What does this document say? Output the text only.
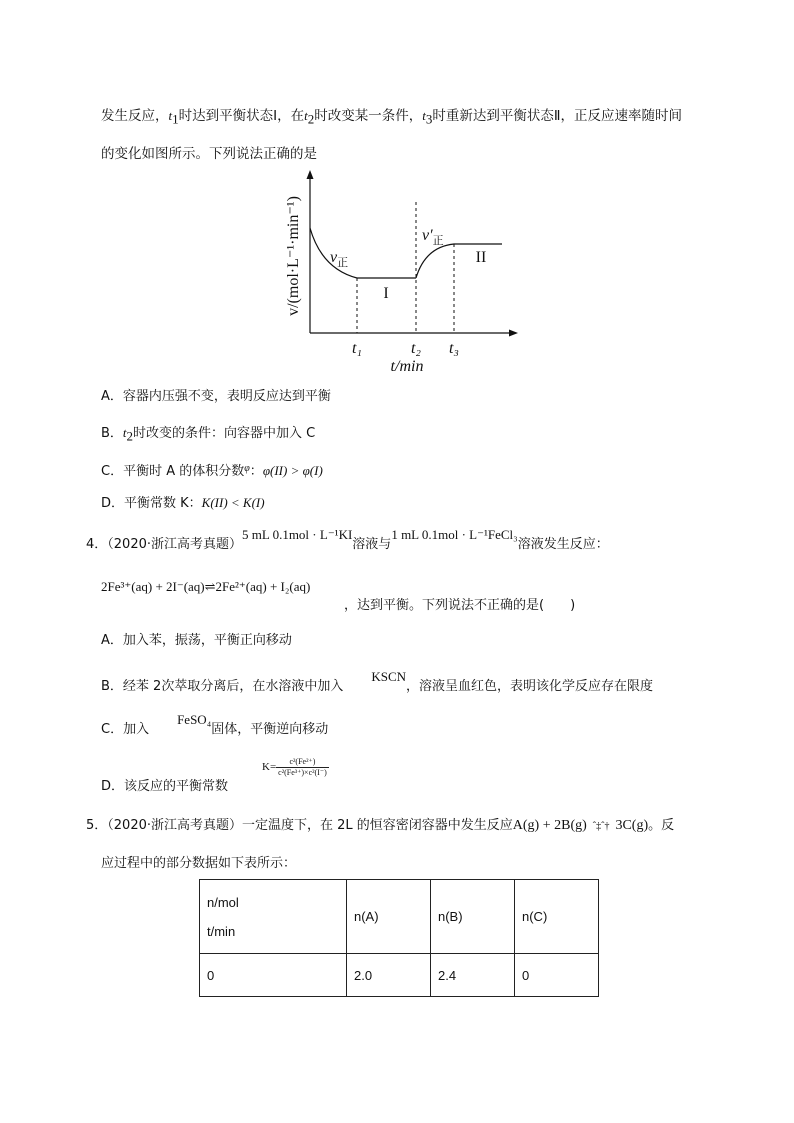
发生反应，$t_1$时达到平衡状态Ⅰ，在$t_2$时改变某一条件，$t_3$时重新达到平衡状态Ⅱ，正反应速率随时间
的变化如图所示。下列说法正确的是
v/(mol·L⁻¹·min⁻¹)
t/min
t₁	t₂ t₃
$v_正$
$v'_正$
I
II
A．容器内压强不变，表明反应达到平衡
B．$t_2$时改变的条件：向容器中加入 C
C．平衡时 A 的体积分数$^\varphi$：φ(II) > φ(I)
D．平衡常数 K：K(II) < K(I)
4．（2020·浙江高考真题）5 mL 0.1mol · L⁻¹KI溶液与1 mL 0.1mol · L⁻¹FeCl₃溶液发生反应：
2Fe³⁺(aq) + 2I⁻(aq)⇌2Fe²⁺(aq) + I₂(aq)
，达到平衡。下列说法不正确的是(　　)
A．加入苯，振荡，平衡正向移动
B．经苯 2次萃取分离后，在水溶液中加入KSCN，溶液呈血红色，表明该化学反应存在限度
C．加入FeSO₄固体，平衡逆向移动
D．该反应的平衡常数
$K= \frac{\text{c²(Fe²⁺)}}{\text{c²(Fe³⁺)×c²(I⁻)}}$
5．（2020·浙江高考真题）一定温度下，在 2L 的恒容密闭容器中发生反应A(g) + 2B(g) ˆ‡ˆ† 3C(g)。反
应过程中的部分数据如下表所示：
n/mol
t/min	n(A)	n(B)	n(C)
0	2.0	2.4	0
